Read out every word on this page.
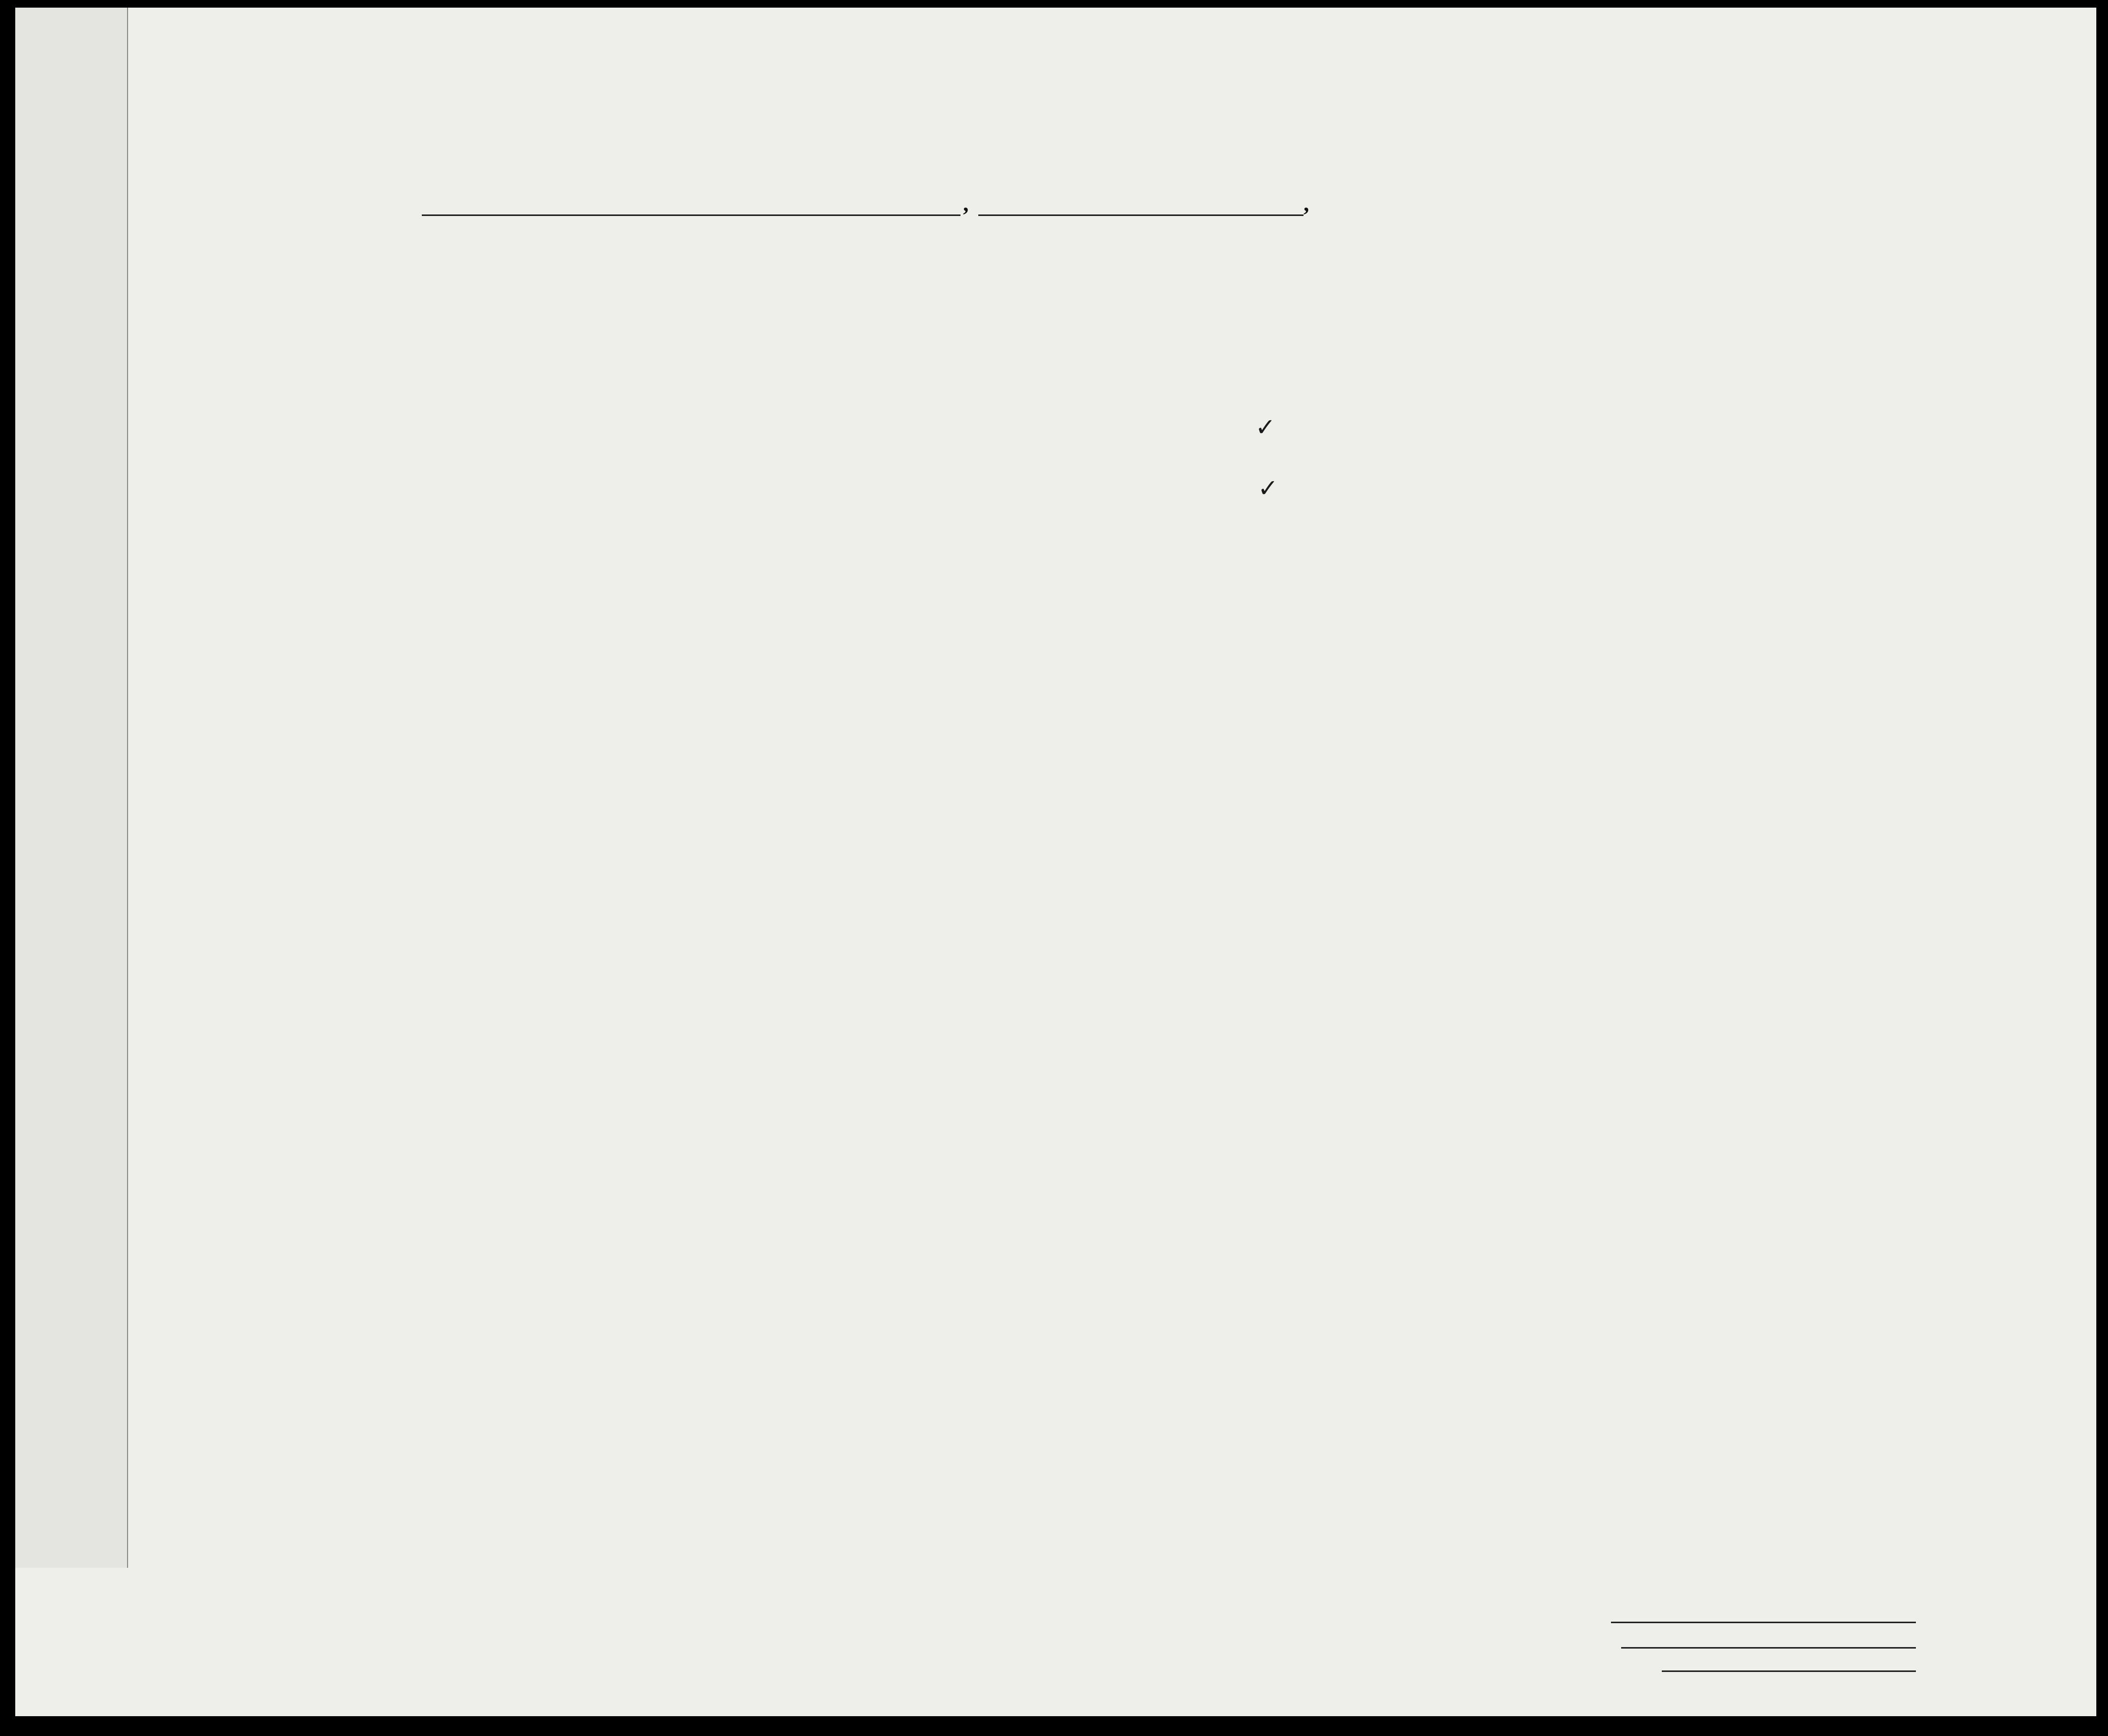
,	,
✓
✓
